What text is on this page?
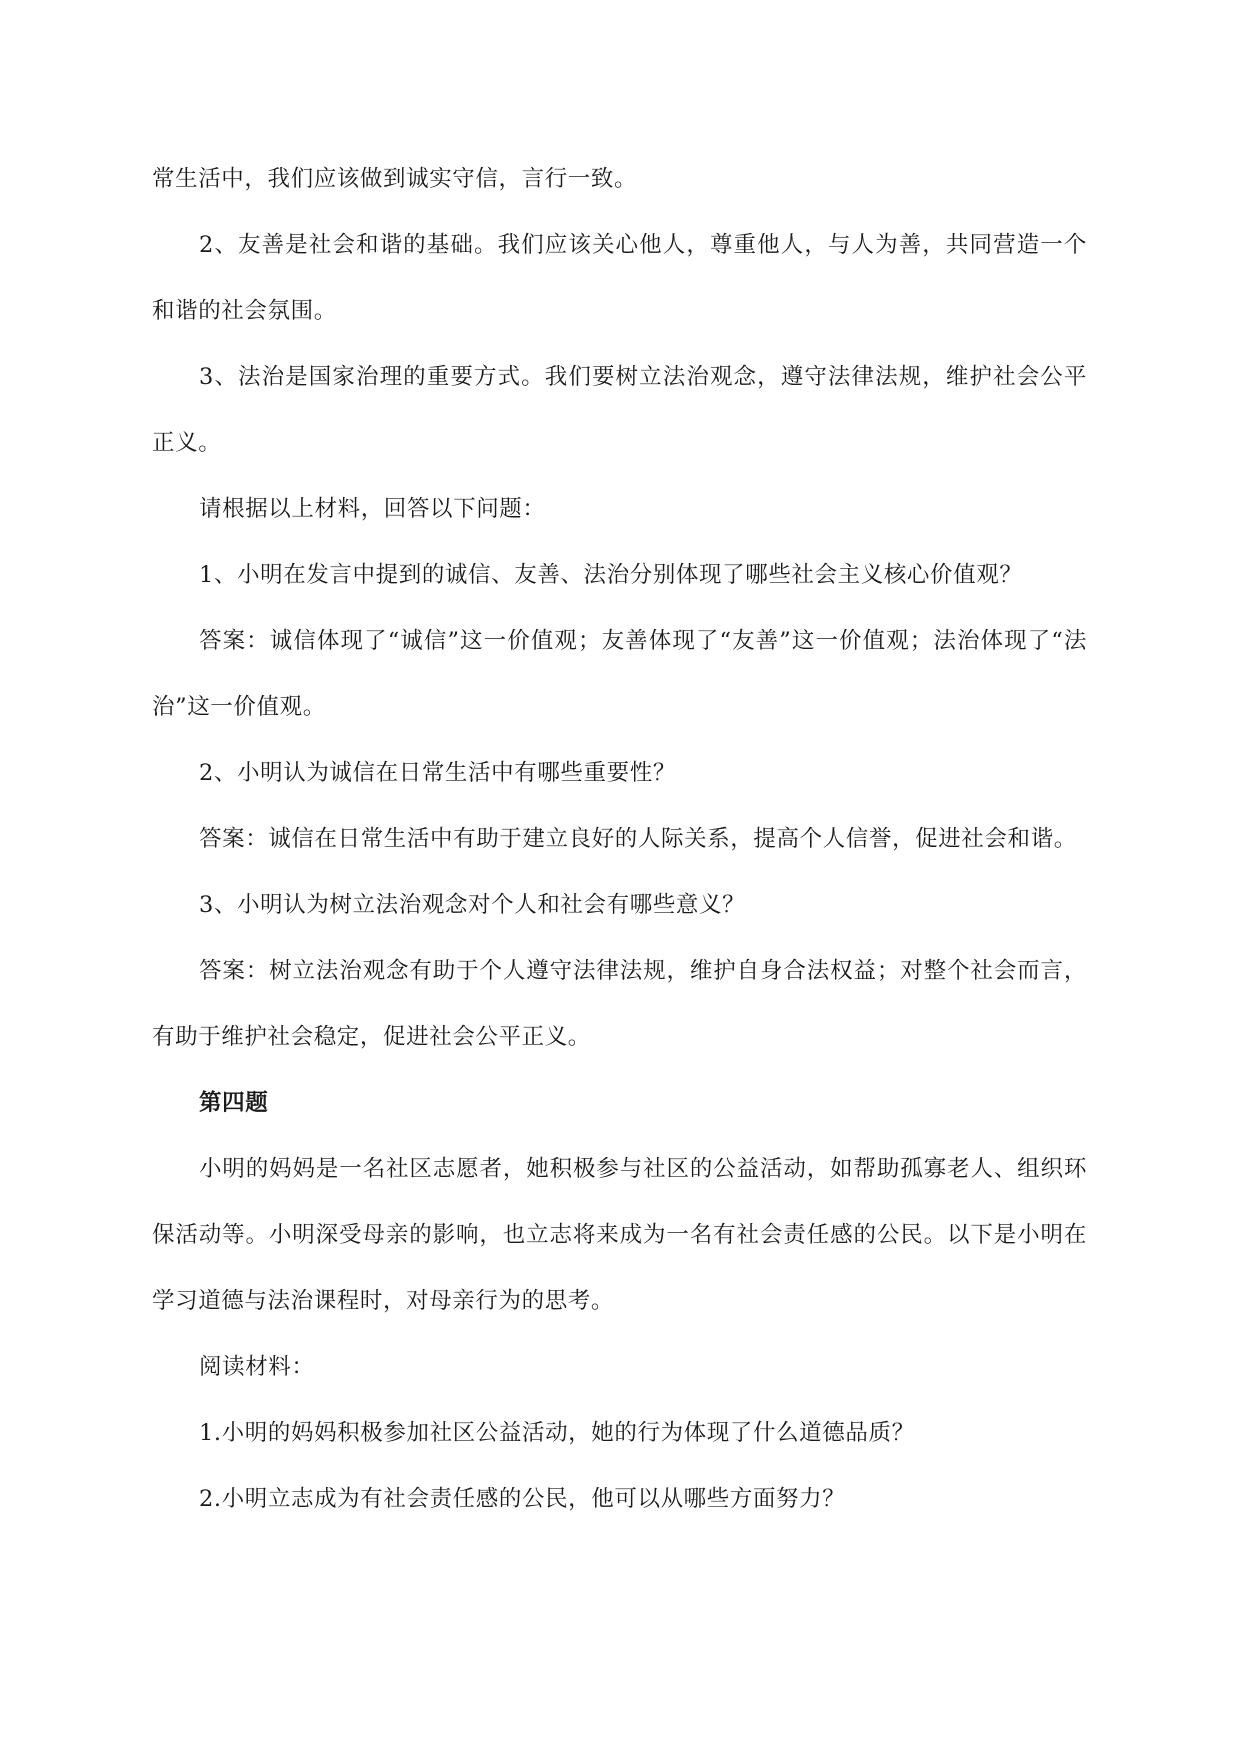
常生活中，我们应该做到诚实守信，言行一致。

2、友善是社会和谐的基础。我们应该关心他人，尊重他人，与人为善，共同营造一个和谐的社会氛围。

3、法治是国家治理的重要方式。我们要树立法治观念，遵守法律法规，维护社会公平正义。

请根据以上材料，回答以下问题：

1、小明在发言中提到的诚信、友善、法治分别体现了哪些社会主义核心价值观？

答案：诚信体现了“诚信”这一价值观；友善体现了“友善”这一价值观；法治体现了“法治”这一价值观。

2、小明认为诚信在日常生活中有哪些重要性？

答案：诚信在日常生活中有助于建立良好的人际关系，提高个人信誉，促进社会和谐。

3、小明认为树立法治观念对个人和社会有哪些意义？

答案：树立法治观念有助于个人遵守法律法规，维护自身合法权益；对整个社会而言，有助于维护社会稳定，促进社会公平正义。

第四题

小明的妈妈是一名社区志愿者，她积极参与社区的公益活动，如帮助孤寡老人、组织环保活动等。小明深受母亲的影响，也立志将来成为一名有社会责任感的公民。以下是小明在学习道德与法治课程时，对母亲行为的思考。

阅读材料：

1.小明的妈妈积极参加社区公益活动，她的行为体现了什么道德品质？

2.小明立志成为有社会责任感的公民，他可以从哪些方面努力？
